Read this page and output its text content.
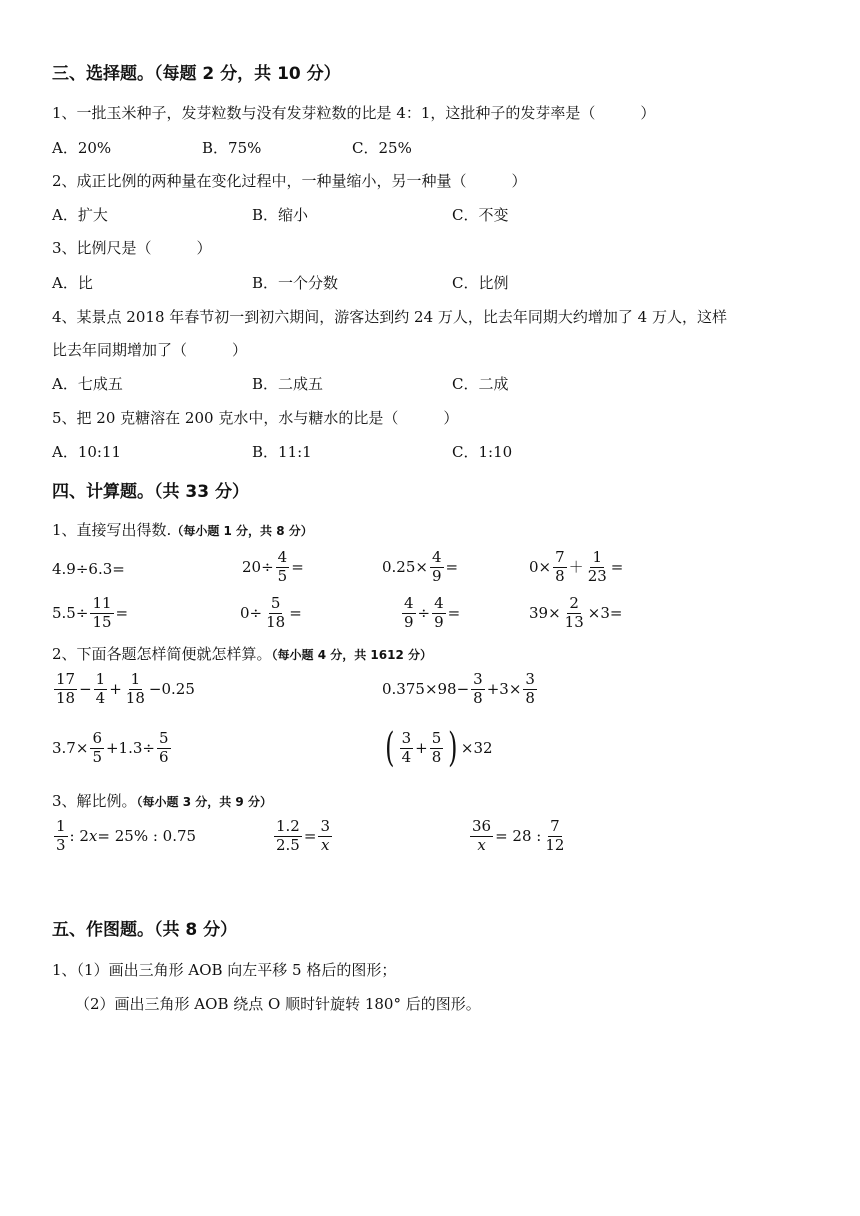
三、选择题。（每题 2 分，共 10 分）
1、一批玉米种子，发芽粒数与没有发芽粒数的比是 4：1，这批种子的发芽率是（　　　）
A．20%	B．75%	C．25%
2、成正比例的两种量在变化过程中，一种量缩小，另一种量（　　　）
A．扩大	B．缩小	C．不变
3、比例尺是（　　　）
A．比	B．一个分数	C．比例
4、某景点 2018 年春节初一到初六期间，游客达到约 24 万人，比去年同期大约增加了 4 万人，这样
比去年同期增加了（　　　）
A．七成五	B．二成五	C．二成
5、把 20 克糖溶在 200 克水中，水与糖水的比是（　　　）
A．10:11	B．11:1	C．1:10
四、计算题。（共 33 分）
1、直接写出得数.（每小题 1 分，共 8 分）
4.9÷6.3=	$20\div \frac{4}{5}$ =	$0.25\times \frac{4}{9}$ =	$0\times \frac{7}{8} + \frac{1}{23}$ =
$5.5\div \frac{11}{15}$ =	$0\div \frac{5}{18}$ =	$\frac{4}{9} \div \frac{4}{9}$ =	$39\times \frac{2}{13} \times 3=$
2、下面各题怎样简便就怎样算。（每小题 4 分，共 1612 分）
$\frac{17}{18} - \frac{1}{4} + \frac{1}{18} -0.25$	$0.375\times 98- \frac{3}{8} +3\times \frac{3}{8}$
$3.7\times \frac{6}{5} +1.3\div \frac{5}{6}$	( $\frac{3}{4} + \frac{5}{8}$ ) ×32
3、解比例。（每小题 3 分，共 9 分）
$\frac{1}{3}$ : 2 x = 25% : 0.75	$\frac{1.2}{2.5} = \frac{3}{x}$	$\frac{36}{x} = 28$ : $\frac{7}{12}$
五、作图题。（共 8 分）
1、（1）画出三角形 AOB 向左平移 5 格后的图形；
（2）画出三角形 AOB 绕点 O 顺时针旋转 180° 后的图形。
